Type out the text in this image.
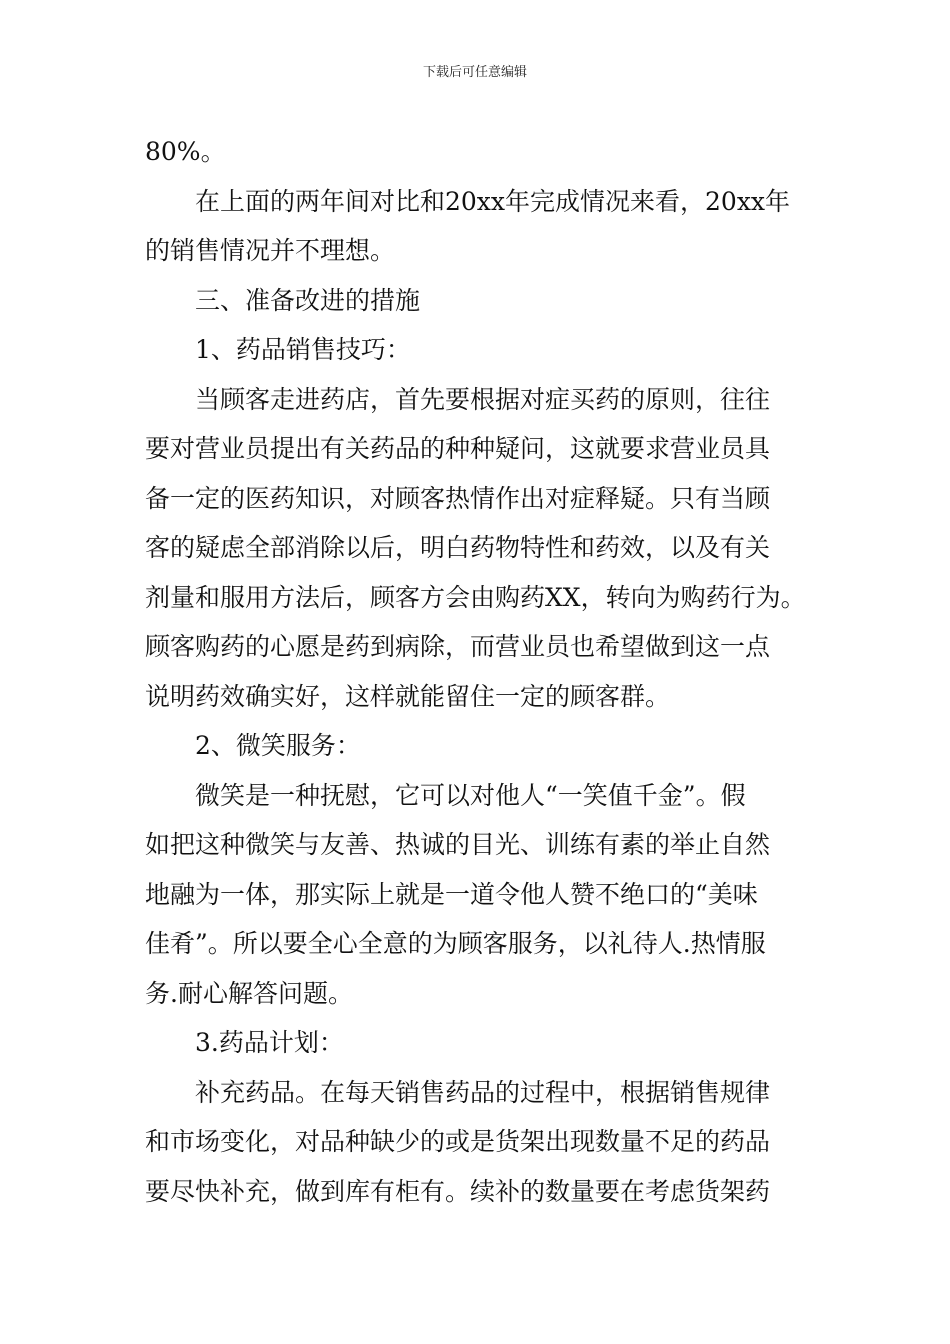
下载后可任意编辑
80%。
在上面的两年间对比和20xx年完成情况来看，20xx年
的销售情况并不理想。
三、准备改进的措施
1、药品销售技巧：
当顾客走进药店，首先要根据对症买药的原则，往往
要对营业员提出有关药品的种种疑问，这就要求营业员具
备一定的医药知识，对顾客热情作出对症释疑。只有当顾
客的疑虑全部消除以后，明白药物特性和药效，以及有关
剂量和服用方法后，顾客方会由购药XX，转向为购药行为。
顾客购药的心愿是药到病除，而营业员也希望做到这一点
说明药效确实好，这样就能留住一定的顾客群。
2、微笑服务：
微笑是一种抚慰，它可以对他人“一笑值千金”。假
如把这种微笑与友善、热诚的目光、训练有素的举止自然
地融为一体，那实际上就是一道令他人赞不绝口的“美味
佳肴”。所以要全心全意的为顾客服务，以礼待人.热情服
务.耐心解答问题。
3.药品计划：
补充药品。在每天销售药品的过程中，根据销售规律
和市场变化，对品种缺少的或是货架出现数量不足的药品
要尽快补充，做到库有柜有。续补的数量要在考虑货架药
